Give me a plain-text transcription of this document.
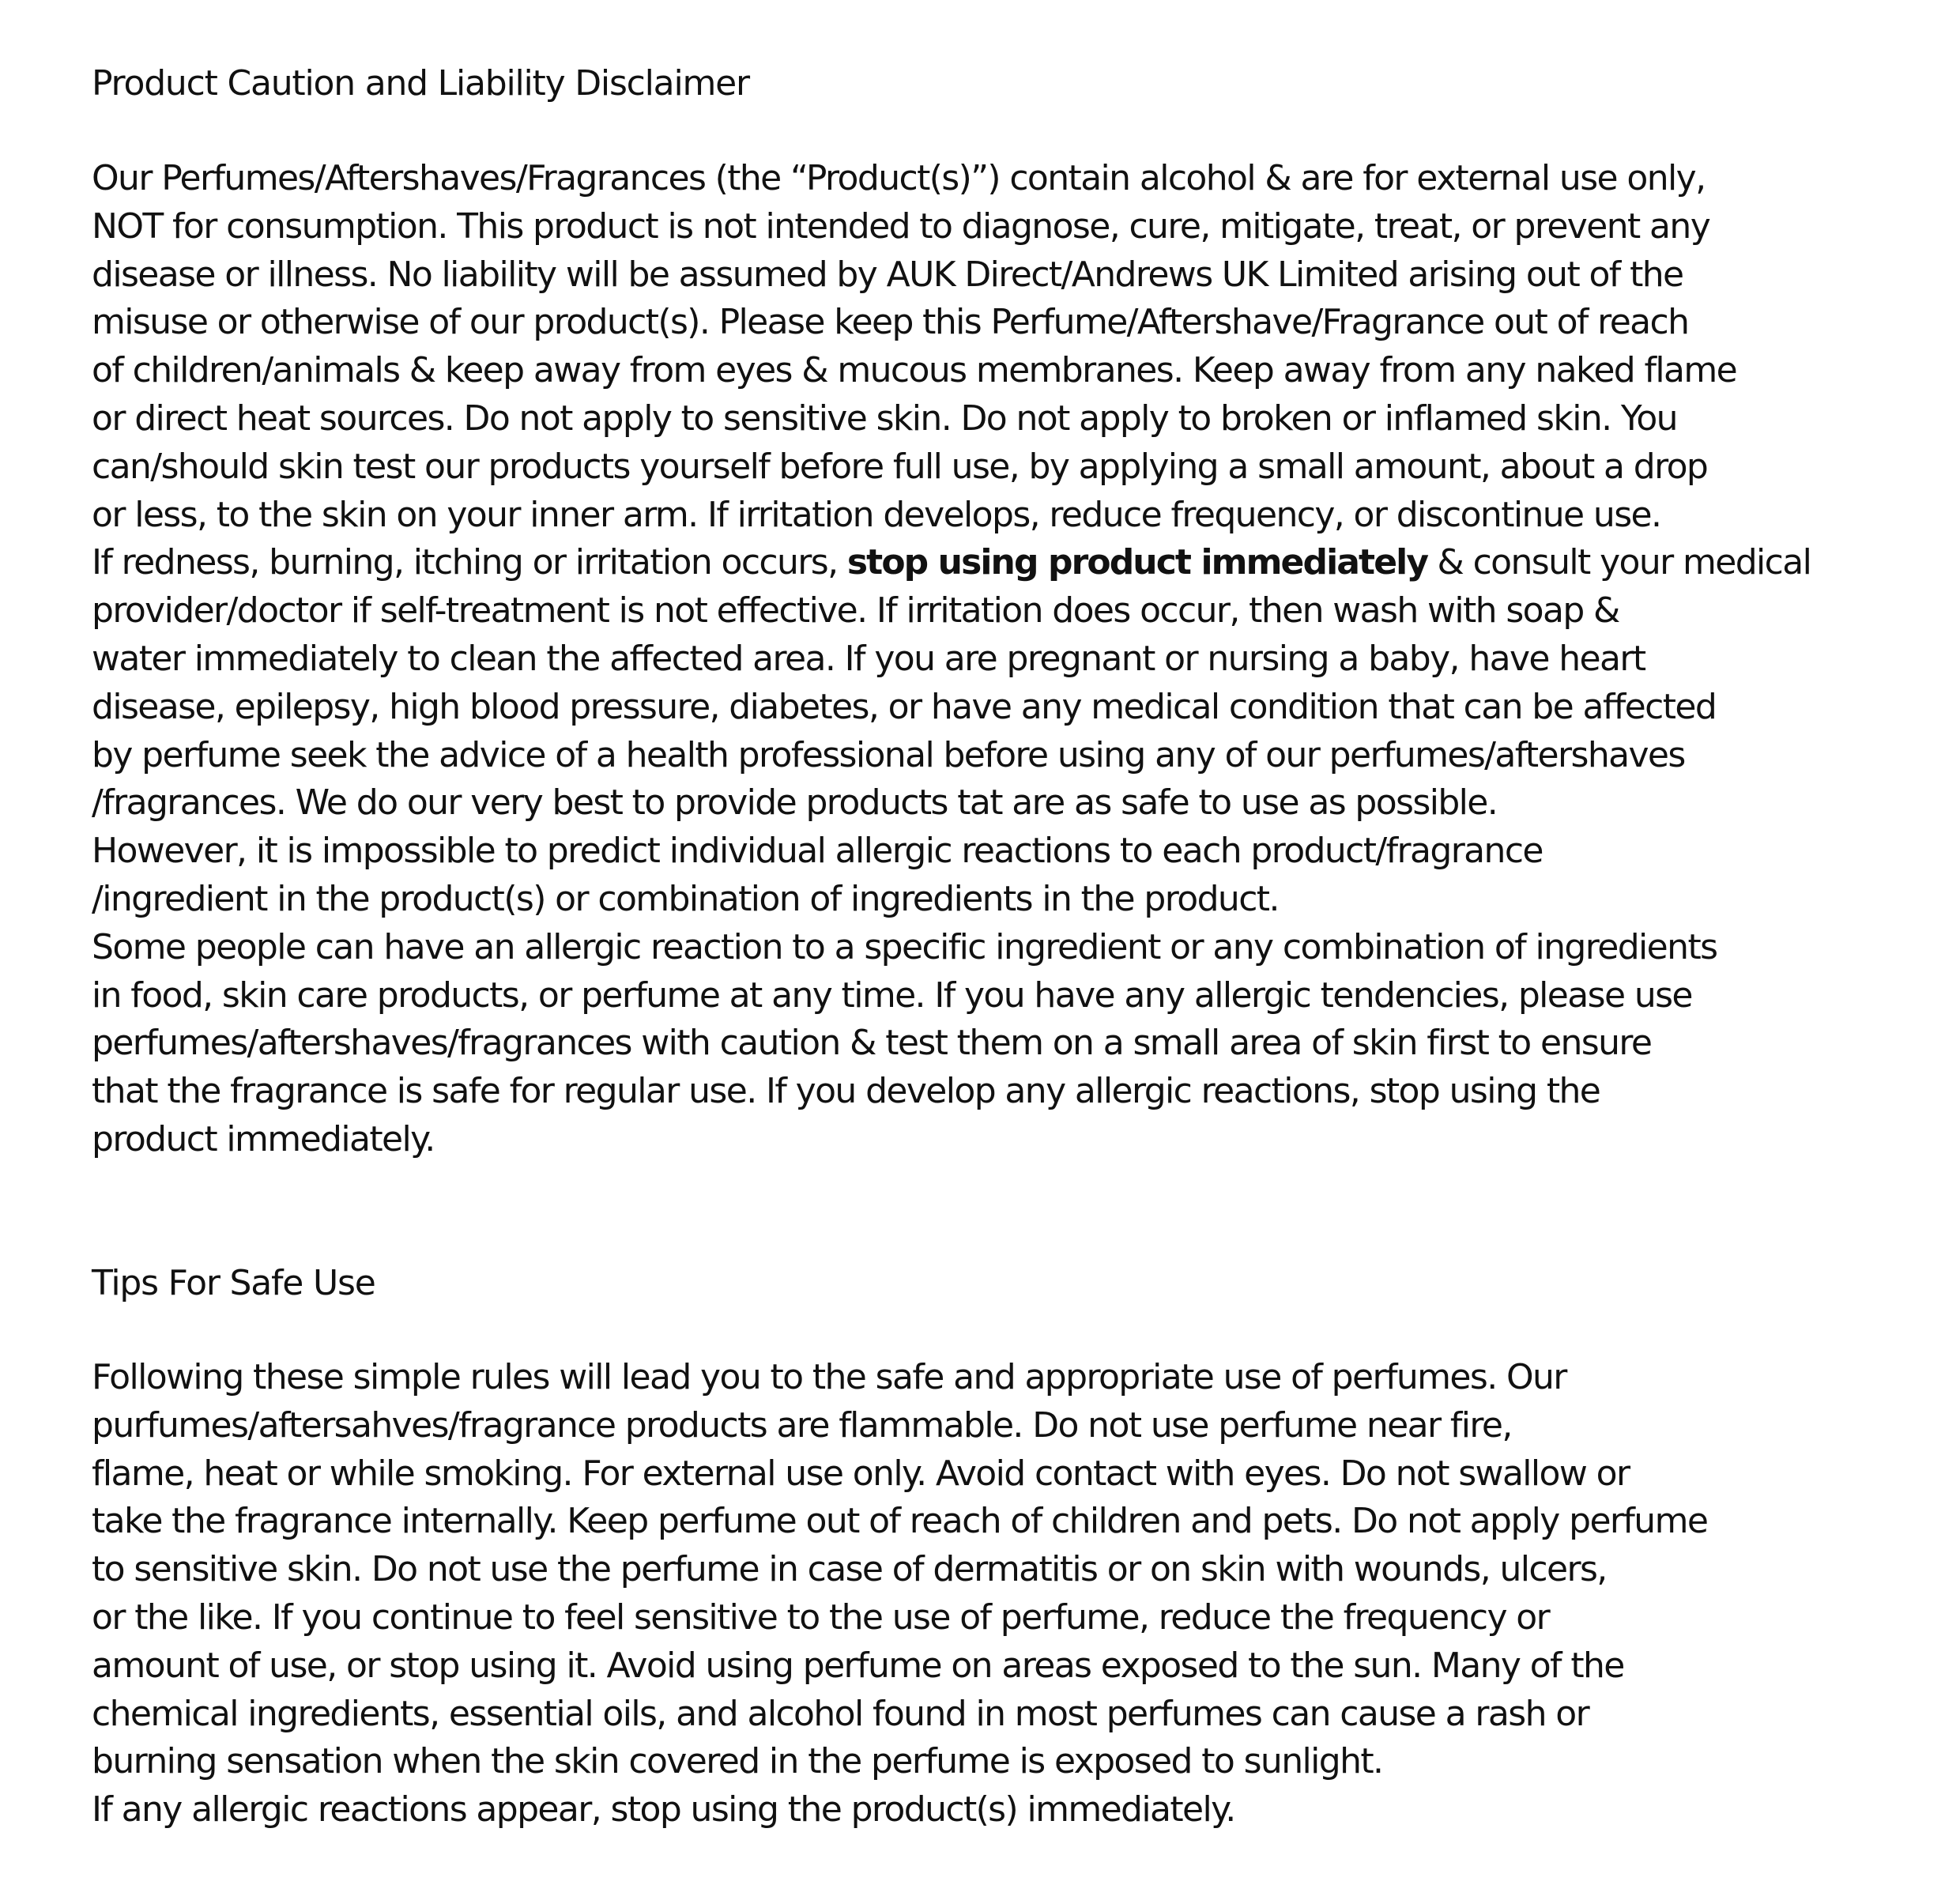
Product Caution and Liability Disclaimer
Our Perfumes/Aftershaves/Fragrances (the “Product(s)”) contain alcohol & are for external use only,
NOT for consumption. This product is not intended to diagnose, cure, mitigate, treat, or prevent any
disease or illness. No liability will be assumed by AUK Direct/Andrews UK Limited arising out of the
misuse or otherwise of our product(s). Please keep this Perfume/Aftershave/Fragrance out of reach
of children/animals & keep away from eyes & mucous membranes. Keep away from any naked flame
or direct heat sources. Do not apply to sensitive skin. Do not apply to broken or inflamed skin. You
can/should skin test our products yourself before full use, by applying a small amount, about a drop
or less, to the skin on your inner arm. If irritation develops, reduce frequency, or discontinue use.
If redness, burning, itching or irritation occurs, stop using product immediately & consult your medical
provider/doctor if self-treatment is not effective. If irritation does occur, then wash with soap &
water immediately to clean the affected area. If you are pregnant or nursing a baby, have heart
disease, epilepsy, high blood pressure, diabetes, or have any medical condition that can be affected
by perfume seek the advice of a health professional before using any of our perfumes/aftershaves
/fragrances. We do our very best to provide products tat are as safe to use as possible.
However, it is impossible to predict individual allergic reactions to each product/fragrance
/ingredient in the product(s) or combination of ingredients in the product.
Some people can have an allergic reaction to a specific ingredient or any combination of ingredients
in food, skin care products, or perfume at any time. If you have any allergic tendencies, please use
perfumes/aftershaves/fragrances with caution & test them on a small area of skin first to ensure
that the fragrance is safe for regular use. If you develop any allergic reactions, stop using the
product immediately.
Tips For Safe Use
Following these simple rules will lead you to the safe and appropriate use of perfumes. Our
purfumes/aftersahves/fragrance products are flammable. Do not use perfume near fire,
flame, heat or while smoking. For external use only. Avoid contact with eyes. Do not swallow or
take the fragrance internally. Keep perfume out of reach of children and pets. Do not apply perfume
to sensitive skin. Do not use the perfume in case of dermatitis or on skin with wounds, ulcers,
or the like. If you continue to feel sensitive to the use of perfume, reduce the frequency or
amount of use, or stop using it. Avoid using perfume on areas exposed to the sun. Many of the
chemical ingredients, essential oils, and alcohol found in most perfumes can cause a rash or
burning sensation when the skin covered in the perfume is exposed to sunlight.
If any allergic reactions appear, stop using the product(s) immediately.
